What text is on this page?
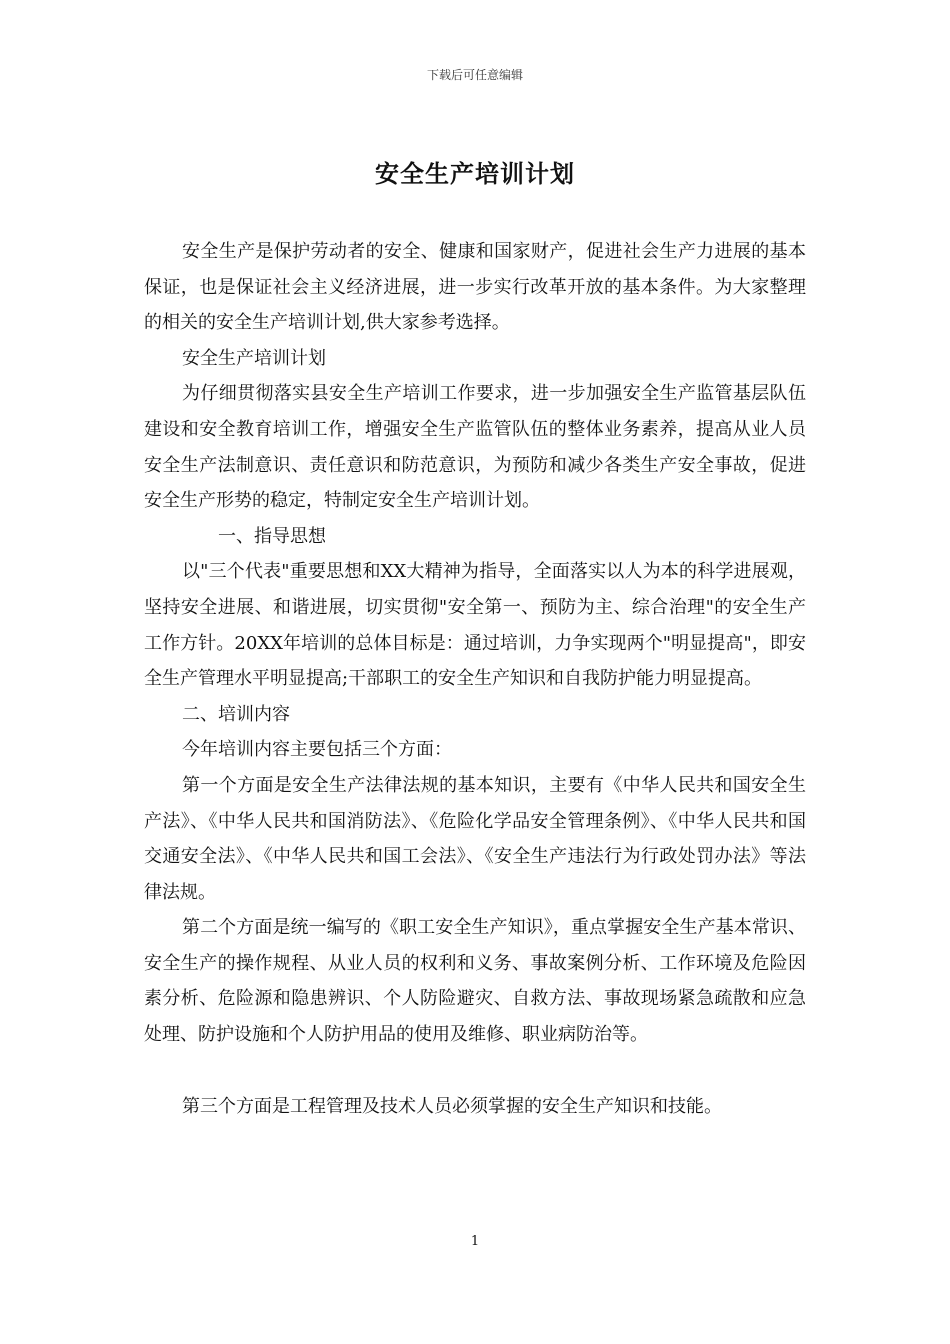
下载后可任意编辑
安全生产培训计划

安全生产是保护劳动者的安全、健康和国家财产，促进社会生产力进展的基本保证，也是保证社会主义经济进展，进一步实行改革开放的基本条件。为大家整理的相关的安全生产培训计划,供大家参考选择。

安全生产培训计划

为仔细贯彻落实县安全生产培训工作要求，进一步加强安全生产监管基层队伍建设和安全教育培训工作，增强安全生产监管队伍的整体业务素养，提高从业人员安全生产法制意识、责任意识和防范意识，为预防和减少各类生产安全事故，促进安全生产形势的稳定，特制定安全生产培训计划。

一、指导思想

以"三个代表"重要思想和XX大精神为指导，全面落实以人为本的科学进展观，坚持安全进展、和谐进展，切实贯彻"安全第一、预防为主、综合治理"的安全生产工作方针。20XX年培训的总体目标是：通过培训，力争实现两个"明显提高"，即安全生产管理水平明显提高;干部职工的安全生产知识和自我防护能力明显提高。

二、培训内容

今年培训内容主要包括三个方面：

第一个方面是安全生产法律法规的基本知识，主要有《中华人民共和国安全生产法》、《中华人民共和国消防法》、《危险化学品安全管理条例》、《中华人民共和国交通安全法》、《中华人民共和国工会法》、《安全生产违法行为行政处罚办法》等法律法规。

第二个方面是统一编写的《职工安全生产知识》，重点掌握安全生产基本常识、安全生产的操作规程、从业人员的权利和义务、事故案例分析、工作环境及危险因素分析、危险源和隐患辨识、个人防险避灾、自救方法、事故现场紧急疏散和应急处理、防护设施和个人防护用品的使用及维修、职业病防治等。

第三个方面是工程管理及技术人员必须掌握的安全生产知识和技能。

1
